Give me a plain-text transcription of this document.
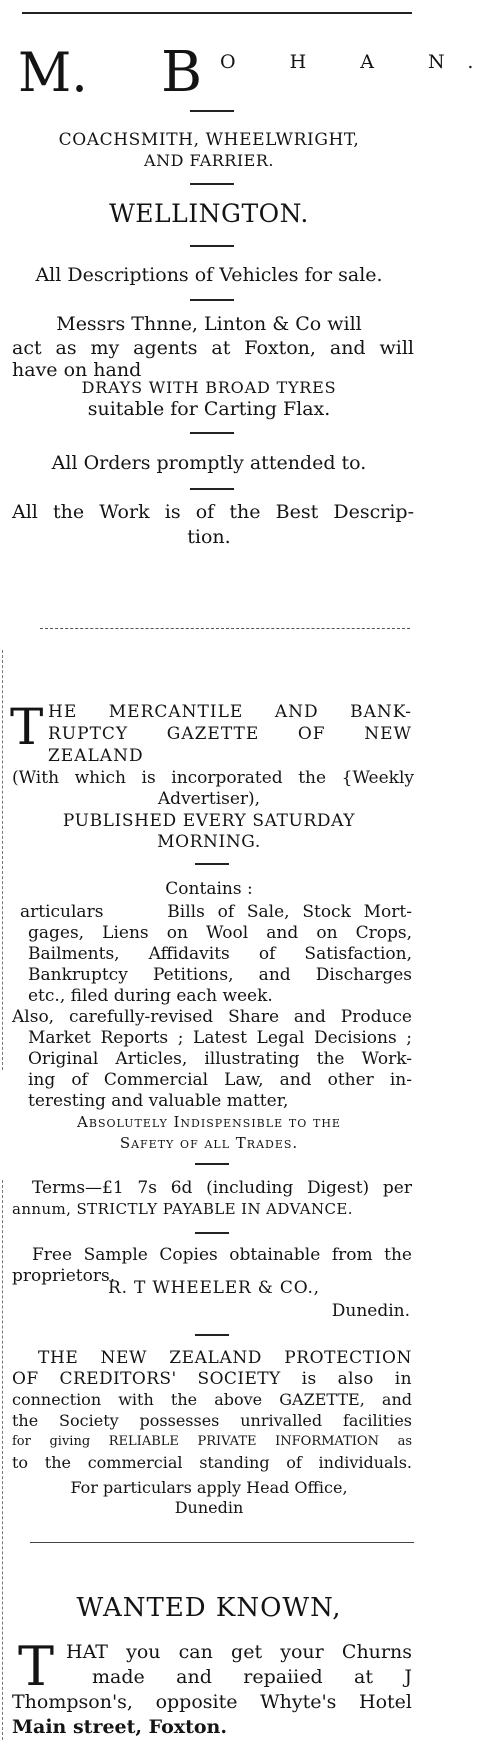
M. B O H A N.
COACHSMITH, WHEELWRIGHT,
AND FARRIER.
WELLINGTON.
All Descriptions of Vehicles for sale.
Messrs Thnne, Linton & Co will
act as my agents at Foxton, and will
have on hand
DRAYS WITH BROAD TYRES
suitable for Carting Flax.
All Orders promptly attended to.
All the Work is of the Best Descrip-
tion.
T HE MERCANTILE AND BANK-
RUPTCY GAZETTE OF NEW
ZEALAND
(With which is incorporated the {Weekly
Advertiser),
PUBLISHED EVERY SATURDAY
MORNING.
Contains :
articulars     Bills of Sale, Stock Mort-
gages, Liens on Wool and on Crops,
Bailments, Affidavits of Satisfaction,
Bankruptcy Petitions, and Discharges
etc., filed during each week.
Also, carefully-revised Share and Produce
Market Reports ; Latest Legal Decisions ;
Original Articles, illustrating the Work-
ing of Commercial Law, and other in-
teresting and valuable matter,
Absolutely Indispensible to the
Safety of all Trades.
Terms—£1 7s 6d (including Digest) per
annum, STRICTLY PAYABLE IN ADVANCE.
Free Sample Copies obtainable from the
proprietors,
R. T WHEELER & CO.,
Dunedin.
THE NEW ZEALAND PROTECTION
OF CREDITORS' SOCIETY is also in
connection with the above GAZETTE, and
the Society possesses unrivalled facilities
for giving RELIABLE PRIVATE INFORMATION as
to the commercial standing of individuals.
For particulars apply Head Office,
Dunedin
WANTED KNOWN,
T HAT you can get your Churns
made and repaiied at J
Thompson's, opposite Whyte's Hotel
Main street, Foxton.
